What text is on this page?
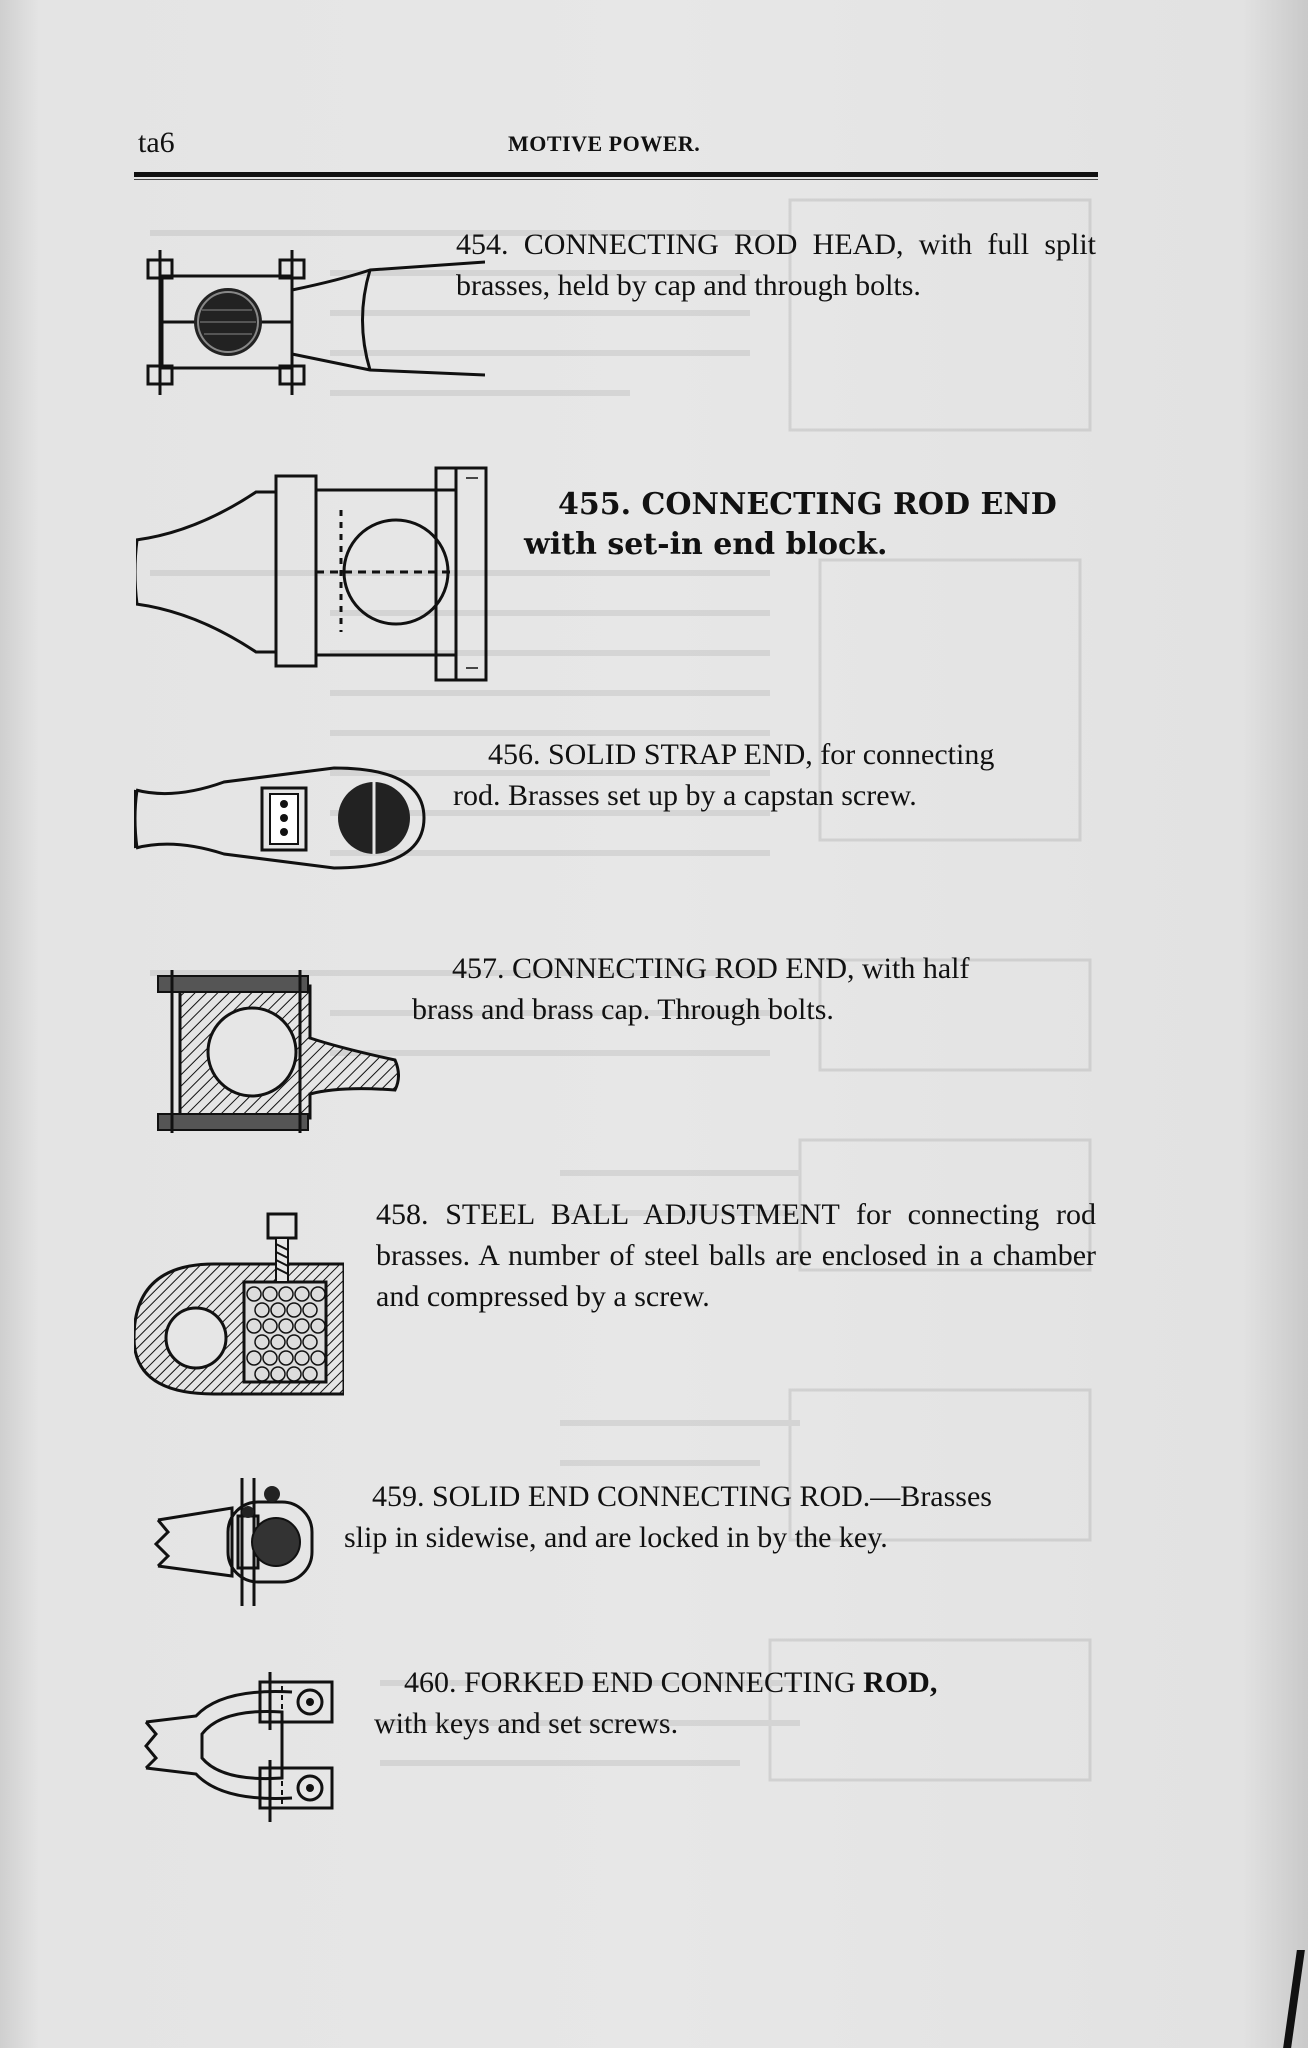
ta6	MOTIVE POWER.
454. CONNECTING ROD HEAD, with full split brasses, held by cap and through bolts.
455. CONNECTING ROD END
with set-in end block.
456. SOLID STRAP END, for connecting
rod. Brasses set up by a capstan screw.
457. CONNECTING ROD END, with half
brass and brass cap. Through bolts.
458. STEEL BALL ADJUSTMENT for connecting rod brasses. A number of steel balls are enclosed in a chamber and compressed by a screw.
459. SOLID END CONNECTING ROD.—Brasses
slip in sidewise, and are locked in by the key.
460. FORKED END CONNECTING ROD,
with keys and set screws.
